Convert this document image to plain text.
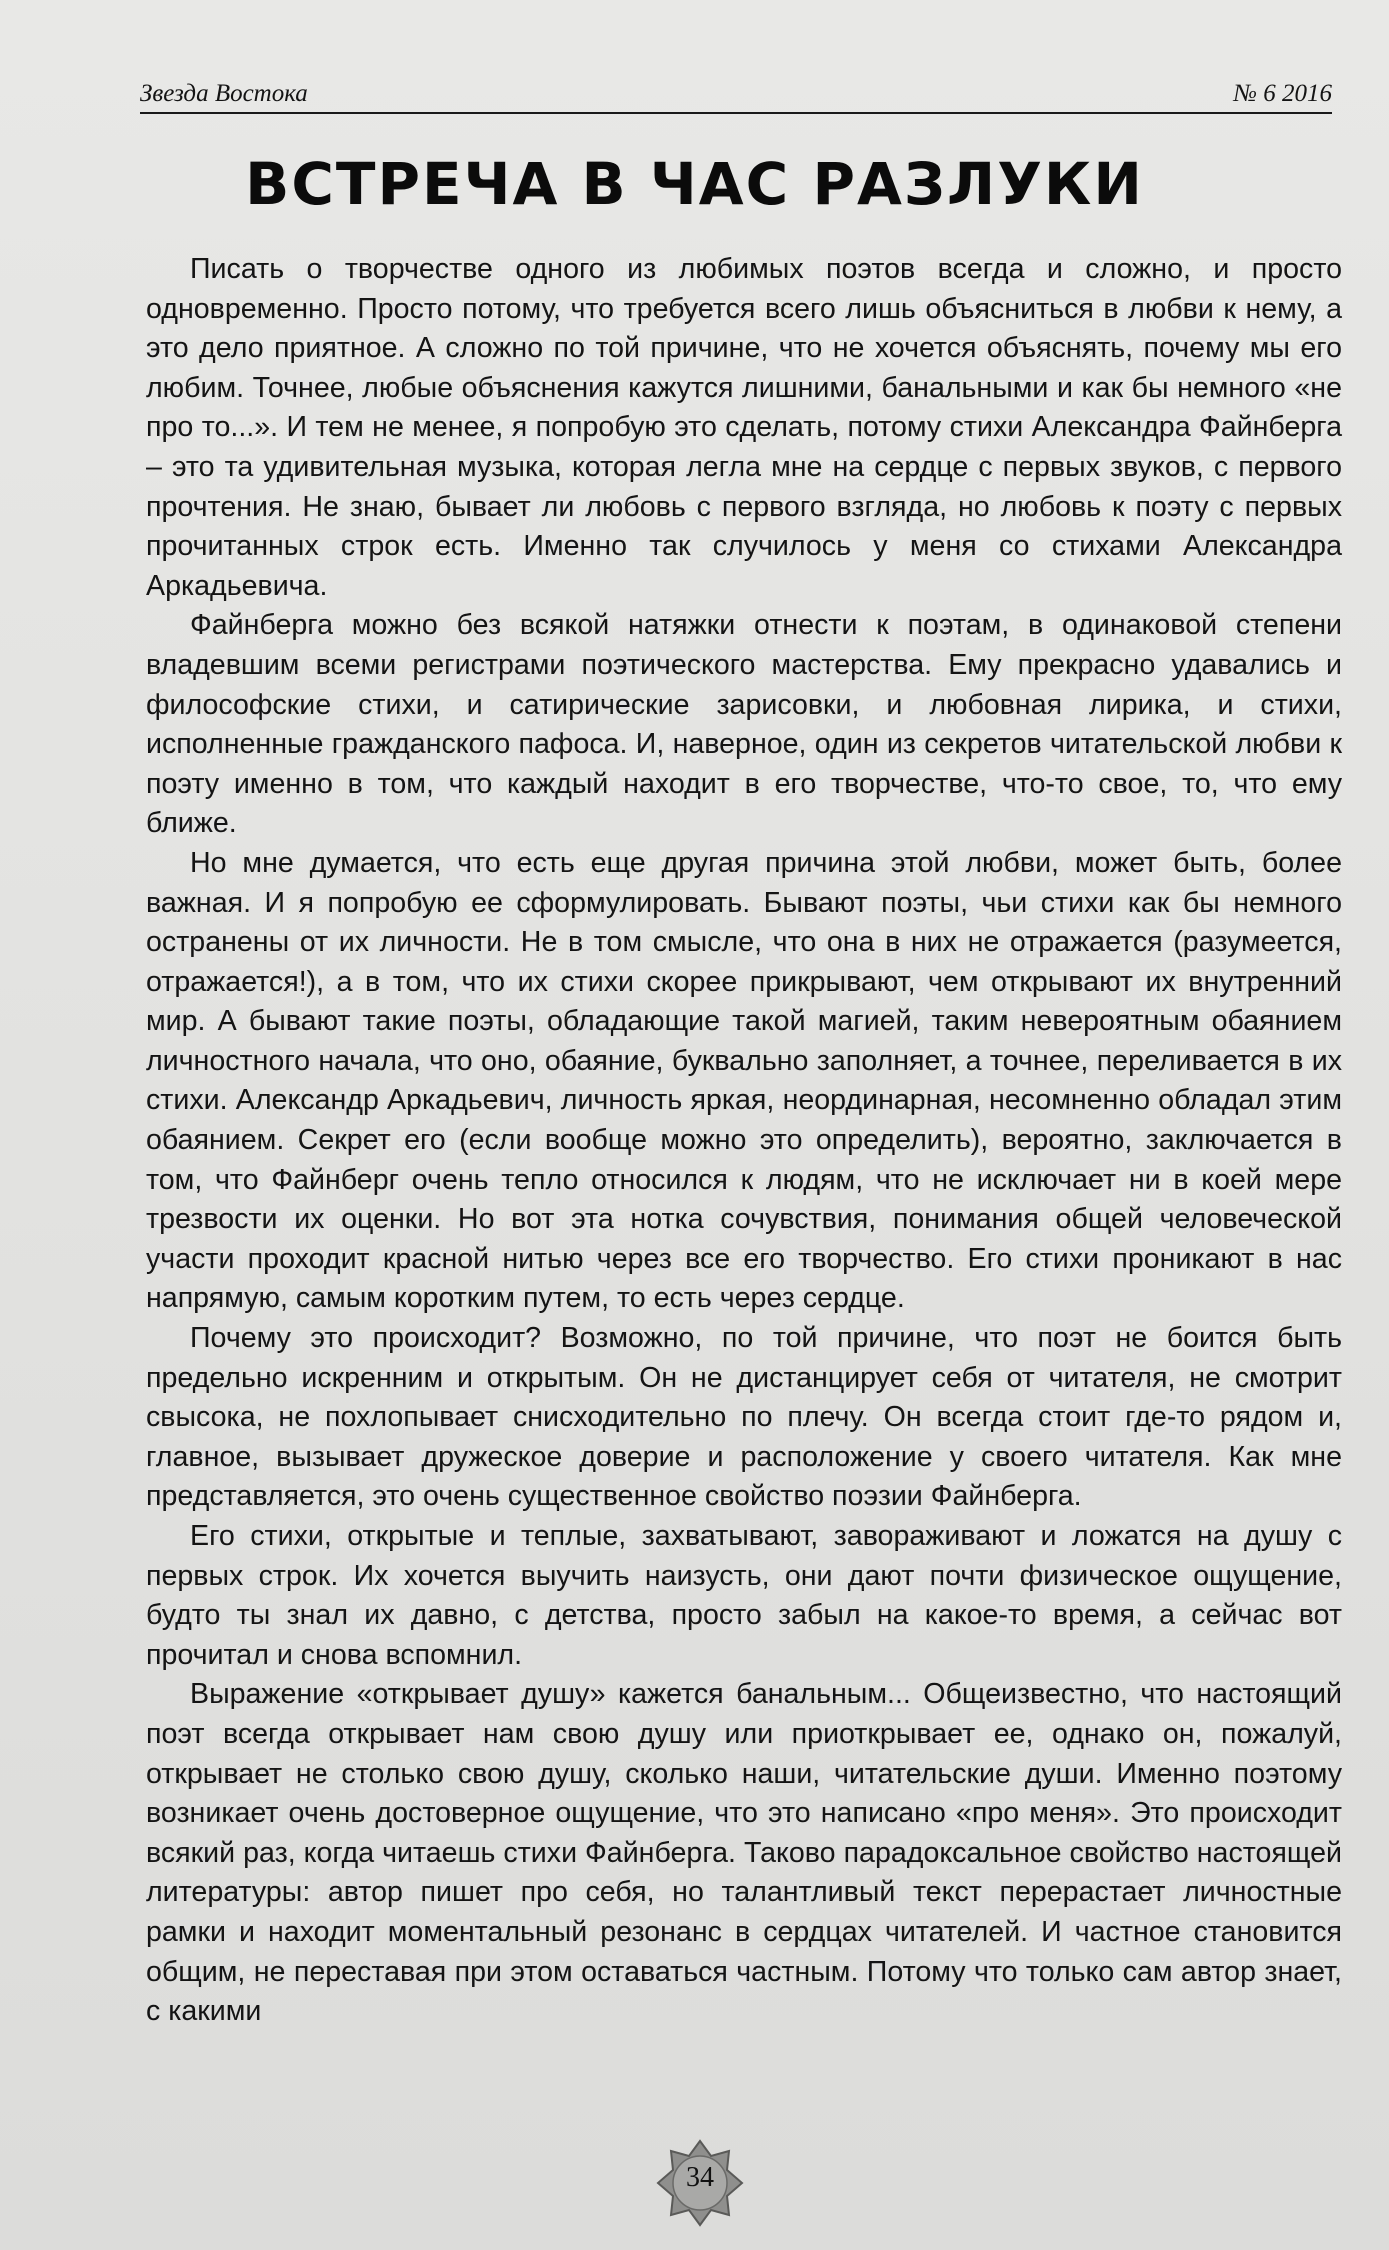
Звезда Востока	№ 6 2016
ВСТРЕЧА В ЧАС РАЗЛУКИ

Писать о творчестве одного из любимых поэтов всегда и сложно, и просто одновременно. Просто потому, что требуется всего лишь объясниться в любви к нему, а это дело приятное. А сложно по той причине, что не хочется объяснять, почему мы его любим. Точнее, любые объяснения кажутся лишними, банальными и как бы немного «не про то...». И тем не менее, я попробую это сделать, потому стихи Александра Файнберга – это та удивительная музыка, которая легла мне на сердце с первых звуков, с первого прочтения. Не знаю, бывает ли любовь с первого взгляда, но любовь к поэту с первых прочитанных строк есть. Именно так случилось у меня со стихами Александра Аркадьевича.

Файнберга можно без всякой натяжки отнести к поэтам, в одинаковой степени владевшим всеми регистрами поэтического мастерства. Ему прекрасно удавались и философские стихи, и сатирические зарисовки, и любовная лирика, и стихи, исполненные гражданского пафоса. И, наверное, один из секретов читательской любви к поэту именно в том, что каждый находит в его творчестве, что-то свое, то, что ему ближе.

Но мне думается, что есть еще другая причина этой любви, может быть, более важная. И я попробую ее сформулировать. Бывают поэты, чьи стихи как бы немного остранены от их личности. Не в том смысле, что она в них не отражается (разумеется, отражается!), а в том, что их стихи скорее прикрывают, чем открывают их внутренний мир. А бывают такие поэты, обладающие такой магией, таким невероятным обаянием личностного начала, что оно, обаяние, буквально заполняет, а точнее, переливается в их стихи. Александр Аркадьевич, личность яркая, неординарная, несомненно обладал этим обаянием. Секрет его (если вообще можно это определить), вероятно, заключается в том, что Файнберг очень тепло относился к людям, что не исключает ни в коей мере трезвости их оценки. Но вот эта нотка сочувствия, понимания общей человеческой участи проходит красной нитью через все его творчество. Его стихи проникают в нас напрямую, самым коротким путем, то есть через сердце.

Почему это происходит? Возможно, по той причине, что поэт не боится быть предельно искренним и открытым. Он не дистанцирует себя от читателя, не смотрит свысока, не похлопывает снисходительно по плечу. Он всегда стоит где-то рядом и, главное, вызывает дружеское доверие и расположение у своего читателя. Как мне представляется, это очень существенное свойство поэзии Файнберга.

Его стихи, открытые и теплые, захватывают, завораживают и ложатся на душу с первых строк. Их хочется выучить наизусть, они дают почти физическое ощущение, будто ты знал их давно, с детства, просто забыл на какое-то время, а сейчас вот прочитал и снова вспомнил.

Выражение «открывает душу» кажется банальным... Общеизвестно, что настоящий поэт всегда открывает нам свою душу или приоткрывает ее, однако он, пожалуй, открывает не столько свою душу, сколько наши, читательские души. Именно поэтому возникает очень достоверное ощущение, что это написано «про меня». Это происходит всякий раз, когда читаешь стихи Файнберга. Таково парадоксальное свойство настоящей литературы: автор пишет про себя, но талантливый текст перерастает личностные рамки и находит моментальный резонанс в сердцах читателей. И частное становится общим, не переставая при этом оставаться частным. Потому что только сам автор знает, с какими

34
